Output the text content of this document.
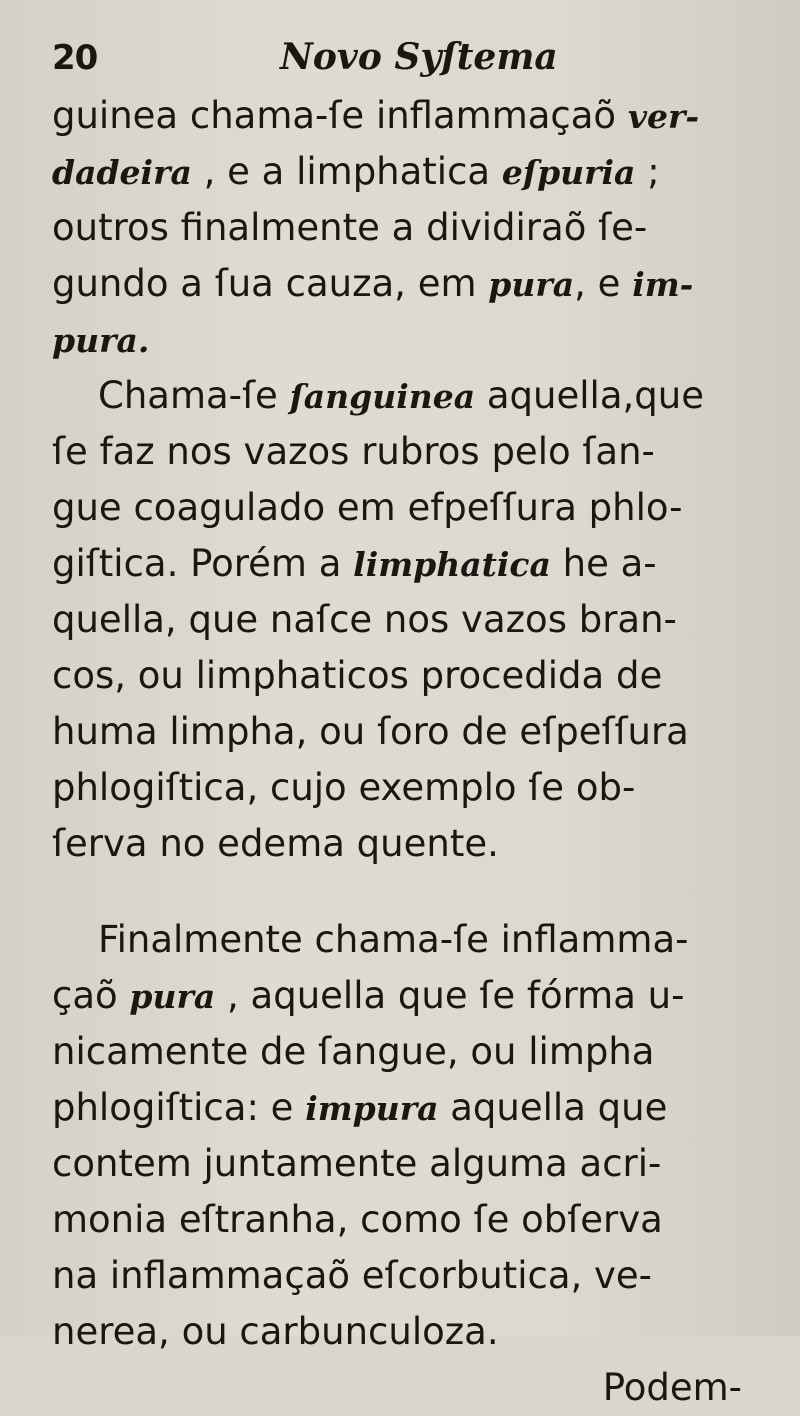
20	Novo Syſtema
guinea chama-ſe inflammaçaõ ver-
dadeira , e a limphatica eſpuria ;
outros finalmente a dividiraõ ſe-
gundo a ſua cauza, em pura, e im-
pura.
Chama-ſe ſanguinea aquella,que
ſe faz nos vazos rubros pelo ſan-
gue coagulado em efpeſſura phlo-
giſtica. Porém a limphatica he a-
quella, que naſce nos vazos bran-
cos, ou limphaticos procedida de
huma limpha, ou ſoro de eſpeſſura
phlogiſtica, cujo exemplo ſe ob-
ſerva no edema quente.
Finalmente chama-ſe inflamma-
çaõ pura , aquella que ſe fórma u-
nicamente de ſangue, ou limpha
phlogiſtica: e impura aquella que
contem juntamente alguma acri-
monia eſtranha, como ſe obſerva
na inflammaçaõ eſcorbutica, ve-
nerea, ou carbunculoza.
Podem-
